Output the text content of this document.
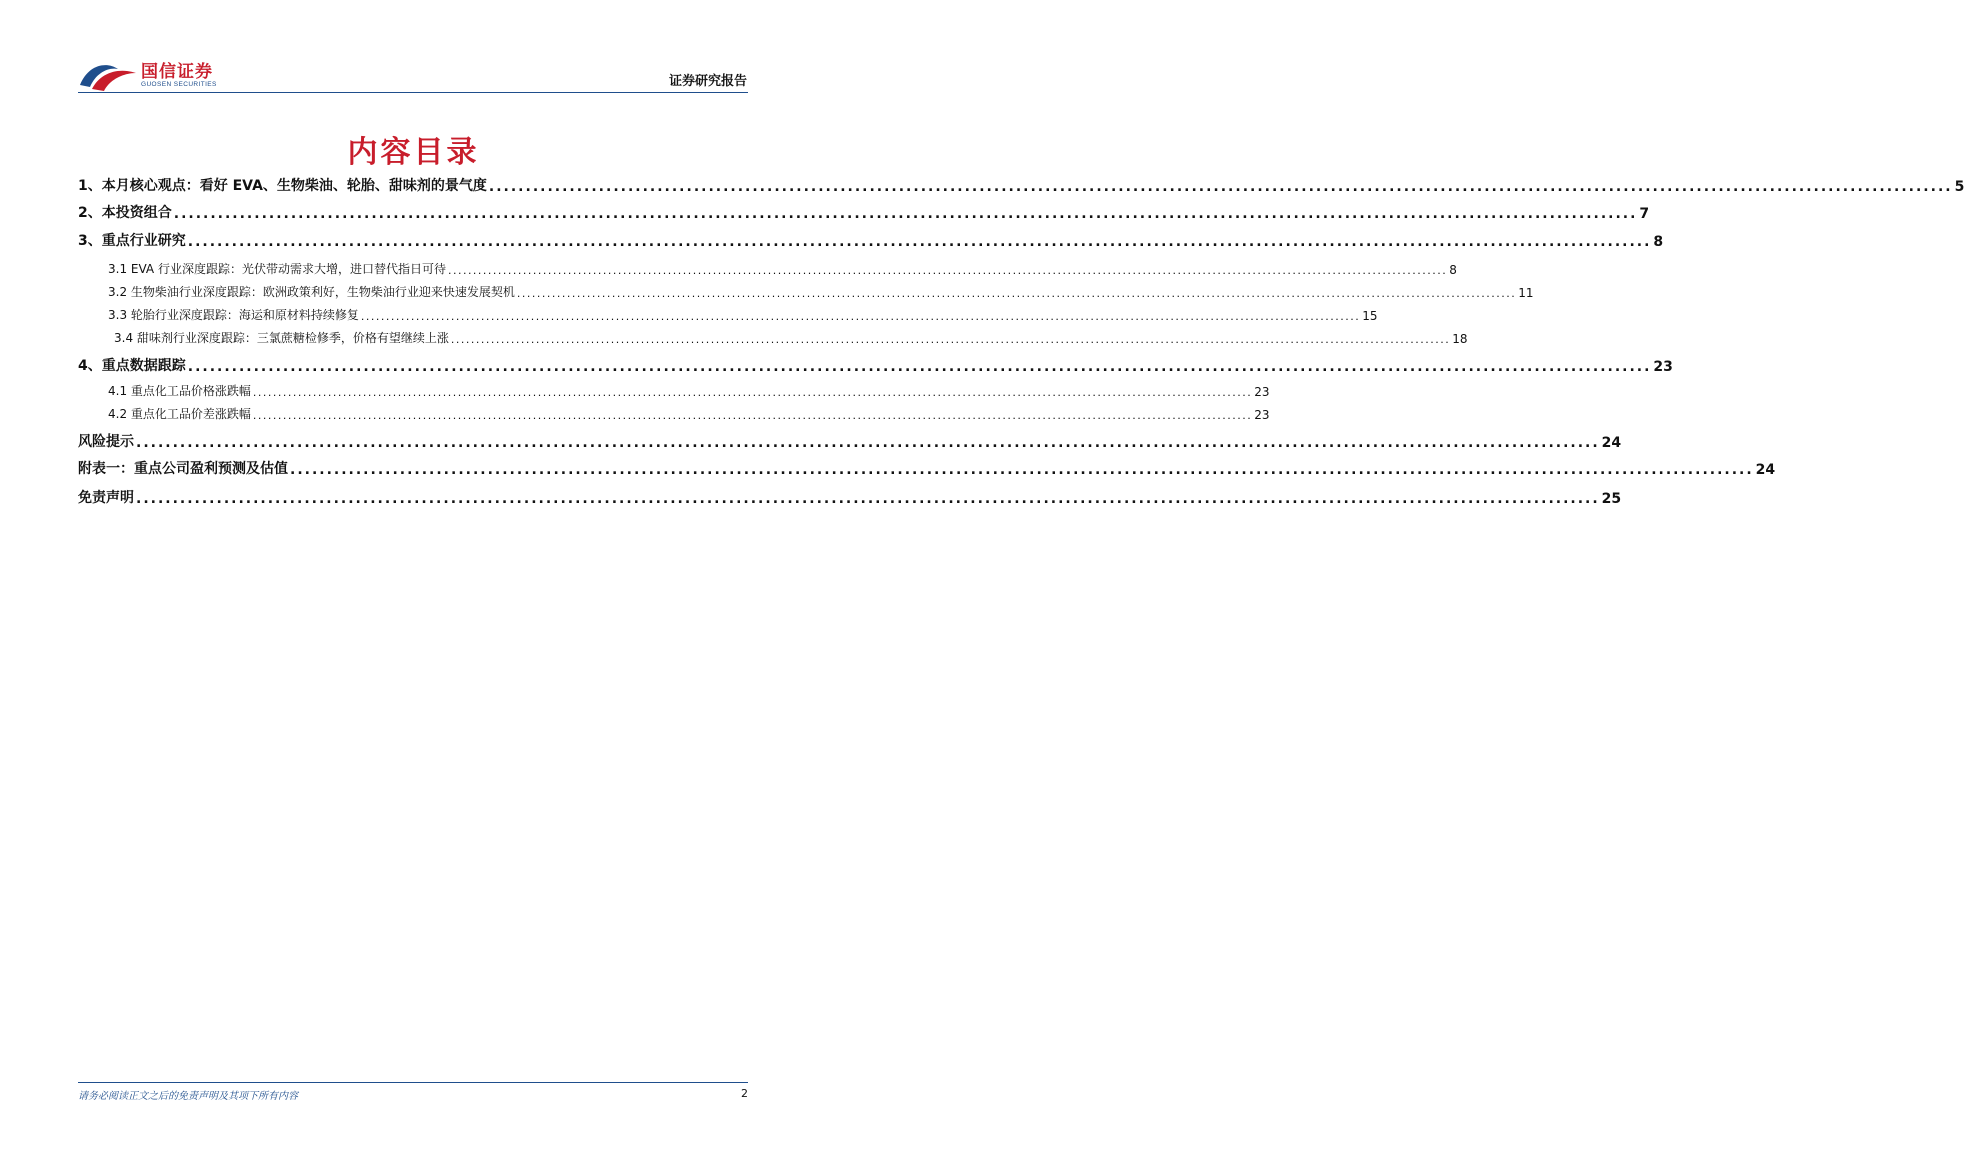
国信证券
GUOSEN SECURITIES	证券研究报告
内容目录
1、本月核心观点：看好 EVA、生物柴油、轮胎、甜味剂的景气度 ........................................................................................................................................................................................................ 5
2、本投资组合 ........................................................................................................................................................................................................ 7
3、重点行业研究 ........................................................................................................................................................................................................ 8
3.1 EVA 行业深度跟踪：光伏带动需求大增，进口替代指日可待 ........................................................................................................................................................................................................ 8
3.2 生物柴油行业深度跟踪：欧洲政策利好，生物柴油行业迎来快速发展契机 ........................................................................................................................................................................................................ 11
3.3 轮胎行业深度跟踪：海运和原材料持续修复 ........................................................................................................................................................................................................ 15
3.4 甜味剂行业深度跟踪：三氯蔗糖检修季，价格有望继续上涨 ........................................................................................................................................................................................................ 18
4、重点数据跟踪 ........................................................................................................................................................................................................ 23
4.1 重点化工品价格涨跌幅 ........................................................................................................................................................................................................ 23
4.2 重点化工品价差涨跌幅 ........................................................................................................................................................................................................ 23
风险提示 ........................................................................................................................................................................................................ 24
附表一：重点公司盈利预测及估值 ........................................................................................................................................................................................................ 24
免责声明 ........................................................................................................................................................................................................ 25
请务必阅读正文之后的免责声明及其项下所有内容	2
